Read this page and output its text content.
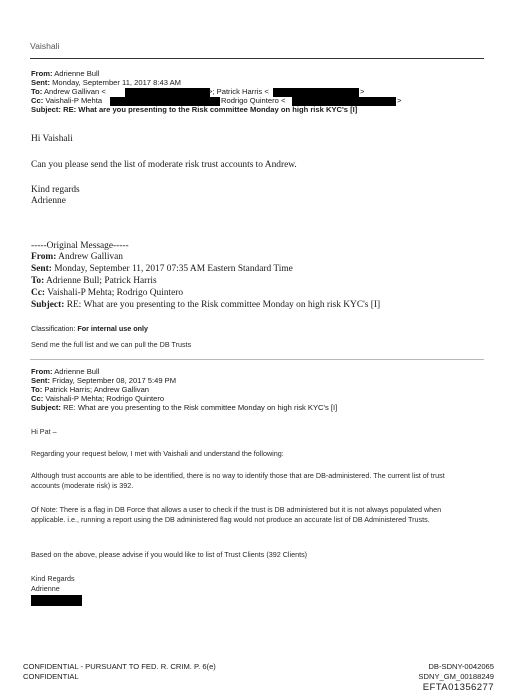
Vaishali
From: Adrienne Bull
Sent: Monday, September 11, 2017 8:43 AM
To: Andrew Gallivan <	>; Patrick Harris <	>
Cc: Vaishali-P Mehta	Rodrigo Quintero <	>
Subject: RE: What are you presenting to the Risk committee Monday on high risk KYC's [I]
Hi Vaishali
Can you please send the list of moderate risk trust accounts to Andrew.
Kind regards
Adrienne
-----Original Message-----
From: Andrew Gallivan
Sent: Monday, September 11, 2017 07:35 AM Eastern Standard Time
To: Adrienne Bull; Patrick Harris
Cc: Vaishali-P Mehta; Rodrigo Quintero
Subject: RE: What are you presenting to the Risk committee Monday on high risk KYC's [I]
Classification: For internal use only
Send me the full list and we can pull the DB Trusts
From: Adrienne Bull
Sent: Friday, September 08, 2017 5:49 PM
To: Patrick Harris; Andrew Gallivan
Cc: Vaishali-P Mehta; Rodrigo Quintero
Subject: RE: What are you presenting to the Risk committee Monday on high risk KYC's [I]
Hi Pat –
Regarding your request below, I met with Vaishali and understand the following:
Although trust accounts are able to be identified, there is no way to identify those that are DB-administered. The current list of trust accounts (moderate risk) is 392.
Of Note: There is a flag in DB Force that allows a user to check if the trust is DB administered but it is not always populated when applicable. i.e., running a report using the DB administered flag would not produce an accurate list of DB Administered Trusts.
Based on the above, please advise if you would like to list of Trust Clients (392 Clients)
Kind Regards
Adrienne
CONFIDENTIAL - PURSUANT TO FED. R. CRIM. P. 6(e)
CONFIDENTIAL
DB-SDNY-0042065
SDNY_GM_00188249
EFTA01356277
